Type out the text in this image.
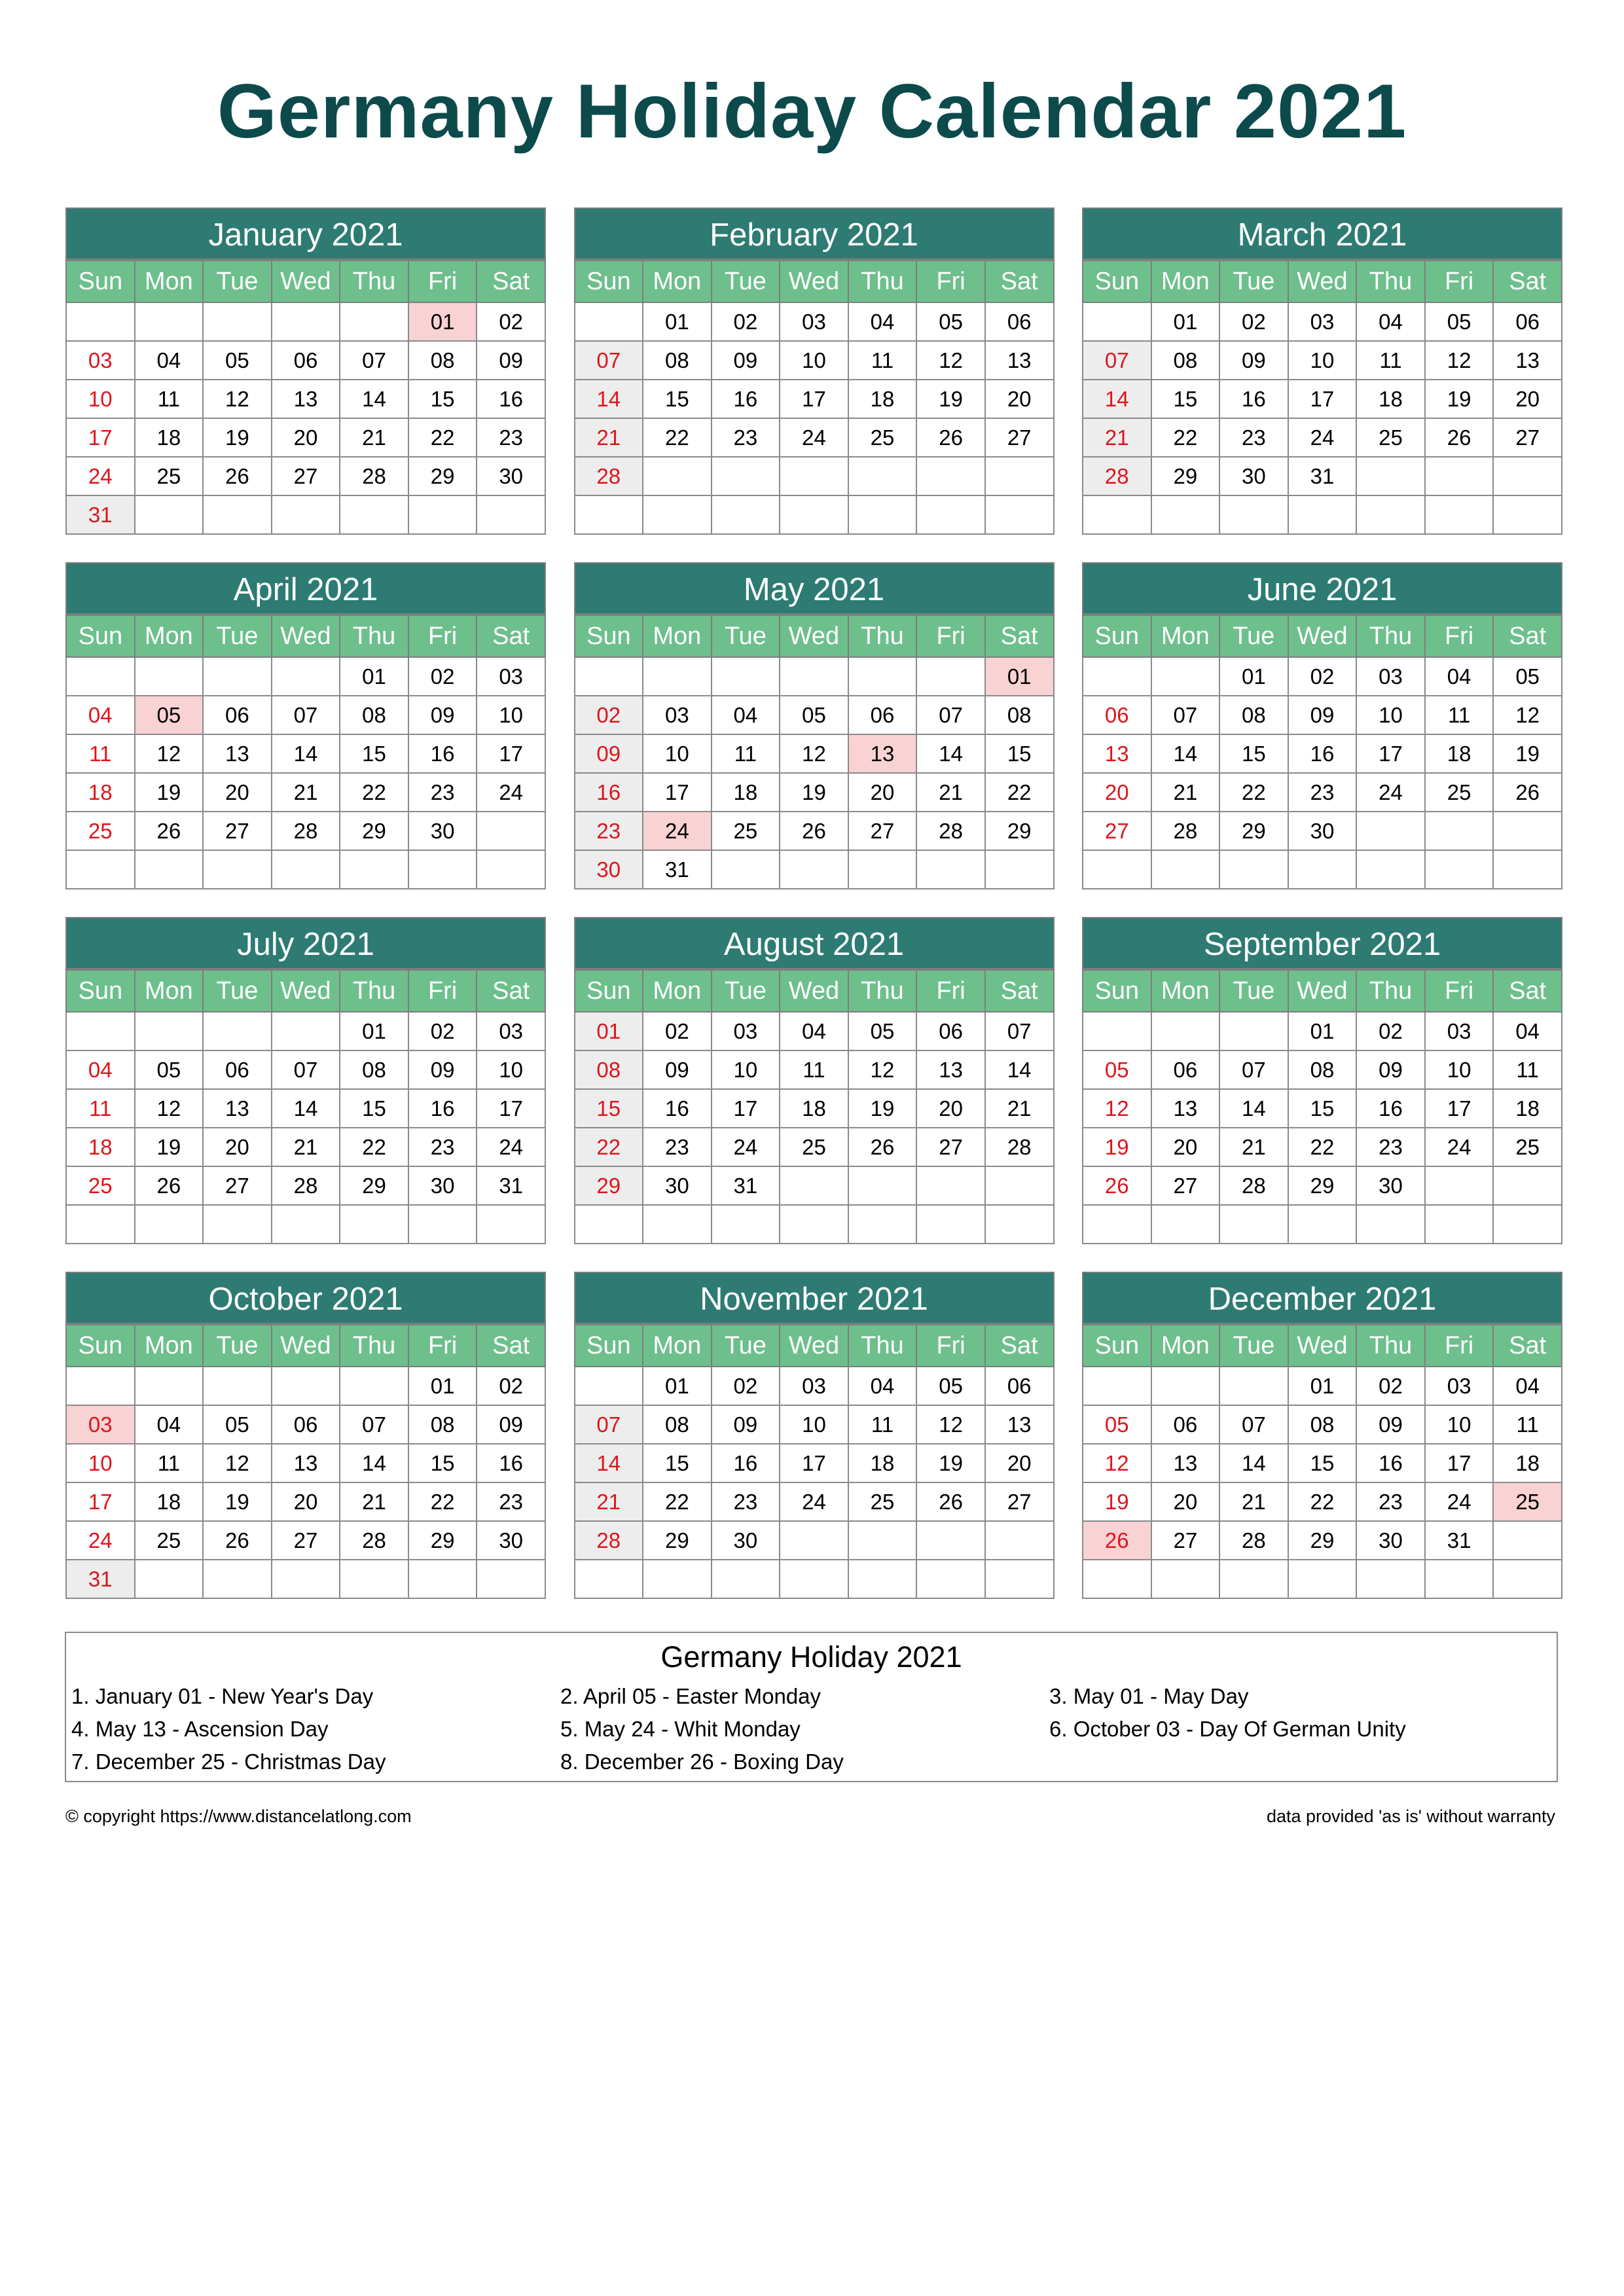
Germany Holiday Calendar 2021
January 2021
Sun	Mon	Tue	Wed	Thu	Fri	Sat
					01	02
03	04	05	06	07	08	09
10	11	12	13	14	15	16
17	18	19	20	21	22	23
24	25	26	27	28	29	30
31						
February 2021
Sun	Mon	Tue	Wed	Thu	Fri	Sat
	01	02	03	04	05	06
07	08	09	10	11	12	13
14	15	16	17	18	19	20
21	22	23	24	25	26	27
28						

March 2021
Sun	Mon	Tue	Wed	Thu	Fri	Sat
	01	02	03	04	05	06
07	08	09	10	11	12	13
14	15	16	17	18	19	20
21	22	23	24	25	26	27
28	29	30	31			

April 2021
Sun	Mon	Tue	Wed	Thu	Fri	Sat
				01	02	03
04	05	06	07	08	09	10
11	12	13	14	15	16	17
18	19	20	21	22	23	24
25	26	27	28	29	30	

May 2021
Sun	Mon	Tue	Wed	Thu	Fri	Sat
						01
02	03	04	05	06	07	08
09	10	11	12	13	14	15
16	17	18	19	20	21	22
23	24	25	26	27	28	29
30	31					
June 2021
Sun	Mon	Tue	Wed	Thu	Fri	Sat
		01	02	03	04	05
06	07	08	09	10	11	12
13	14	15	16	17	18	19
20	21	22	23	24	25	26
27	28	29	30			

July 2021
Sun	Mon	Tue	Wed	Thu	Fri	Sat
				01	02	03
04	05	06	07	08	09	10
11	12	13	14	15	16	17
18	19	20	21	22	23	24
25	26	27	28	29	30	31

August 2021
Sun	Mon	Tue	Wed	Thu	Fri	Sat
01	02	03	04	05	06	07
08	09	10	11	12	13	14
15	16	17	18	19	20	21
22	23	24	25	26	27	28
29	30	31				

September 2021
Sun	Mon	Tue	Wed	Thu	Fri	Sat
			01	02	03	04
05	06	07	08	09	10	11
12	13	14	15	16	17	18
19	20	21	22	23	24	25
26	27	28	29	30		

October 2021
Sun	Mon	Tue	Wed	Thu	Fri	Sat
					01	02
03	04	05	06	07	08	09
10	11	12	13	14	15	16
17	18	19	20	21	22	23
24	25	26	27	28	29	30
31						
November 2021
Sun	Mon	Tue	Wed	Thu	Fri	Sat
	01	02	03	04	05	06
07	08	09	10	11	12	13
14	15	16	17	18	19	20
21	22	23	24	25	26	27
28	29	30				

December 2021
Sun	Mon	Tue	Wed	Thu	Fri	Sat
			01	02	03	04
05	06	07	08	09	10	11
12	13	14	15	16	17	18
19	20	21	22	23	24	25
26	27	28	29	30	31	

Germany Holiday 2021
1. January 01 - New Year's Day	2. April 05 - Easter Monday	3. May 01 - May Day
4. May 13 - Ascension Day	5. May 24 - Whit Monday	6. October 03 - Day Of German Unity
7. December 25 - Christmas Day	8. December 26 - Boxing Day
© copyright https://www.distancelatlong.com	data provided 'as is' without warranty
